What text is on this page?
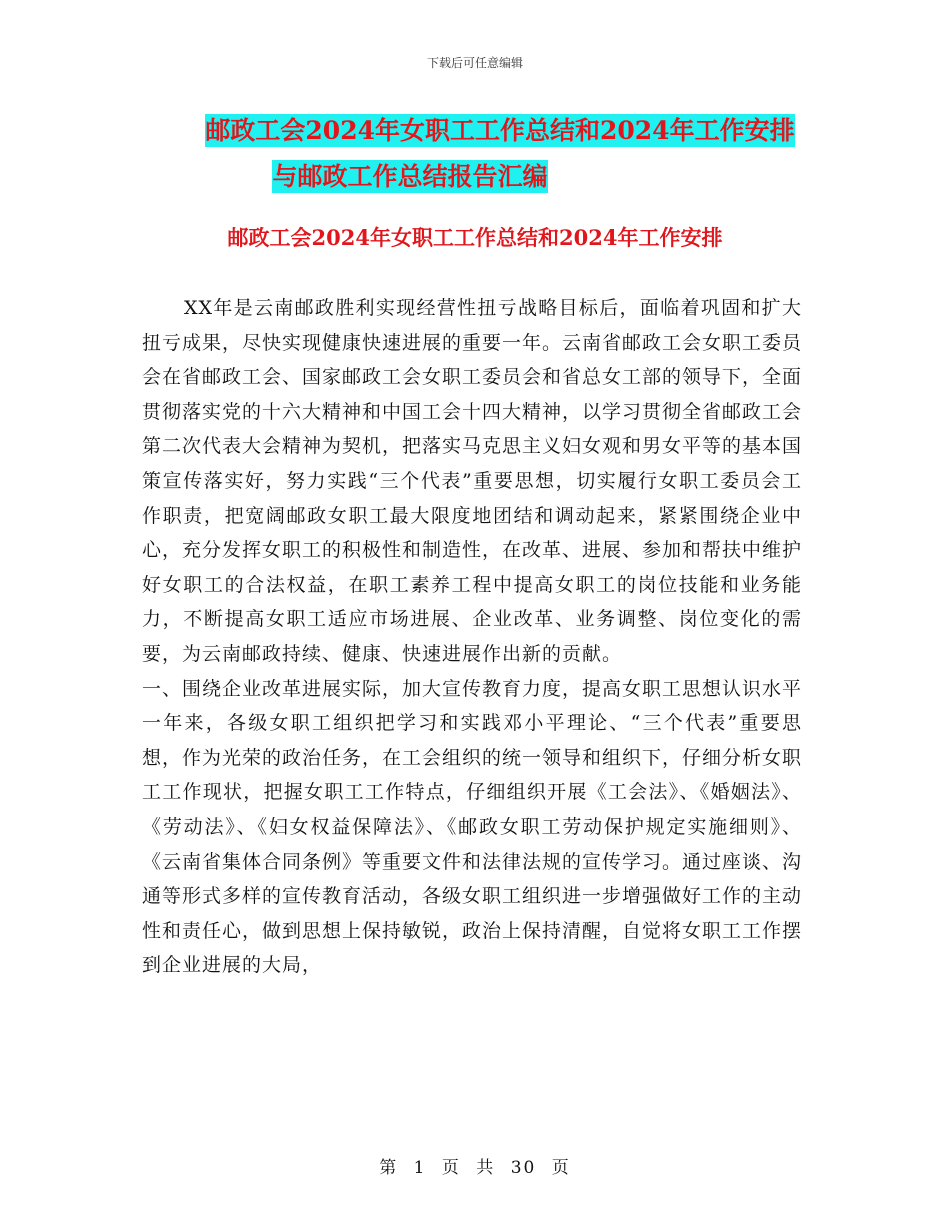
下载后可任意编辑
邮政工会2024年女职工工作总结和2024年工作安排
与邮政工作总结报告汇编
邮政工会2024年女职工工作总结和2024年工作安排

XX年是云南邮政胜利实现经营性扭亏战略目标后，面临着巩固和扩大扭亏成果，尽快实现健康快速进展的重要一年。云南省邮政工会女职工委员会在省邮政工会、国家邮政工会女职工委员会和省总女工部的领导下，全面贯彻落实党的十六大精神和中国工会十四大精神，以学习贯彻全省邮政工会第二次代表大会精神为契机，把落实马克思主义妇女观和男女平等的基本国策宣传落实好，努力实践“三个代表”重要思想，切实履行女职工委员会工作职责，把宽阔邮政女职工最大限度地团结和调动起来，紧紧围绕企业中心，充分发挥女职工的积极性和制造性，在改革、进展、参加和帮扶中维护好女职工的合法权益，在职工素养工程中提高女职工的岗位技能和业务能力，不断提高女职工适应市场进展、企业改革、业务调整、岗位变化的需要，为云南邮政持续、健康、快速进展作出新的贡献。

一、围绕企业改革进展实际，加大宣传教育力度，提高女职工思想认识水平

一年来，各级女职工组织把学习和实践邓小平理论、“三个代表”重要思想，作为光荣的政治任务，在工会组织的统一领导和组织下，仔细分析女职工工作现状，把握女职工工作特点，仔细组织开展《工会法》、《婚姻法》、《劳动法》、《妇女权益保障法》、《邮政女职工劳动保护规定实施细则》、《云南省集体合同条例》等重要文件和法律法规的宣传学习。通过座谈、沟通等形式多样的宣传教育活动，各级女职工组织进一步增强做好工作的主动性和责任心，做到思想上保持敏锐，政治上保持清醒，自觉将女职工工作摆到企业进展的大局，

第 1 页 共 30 页
